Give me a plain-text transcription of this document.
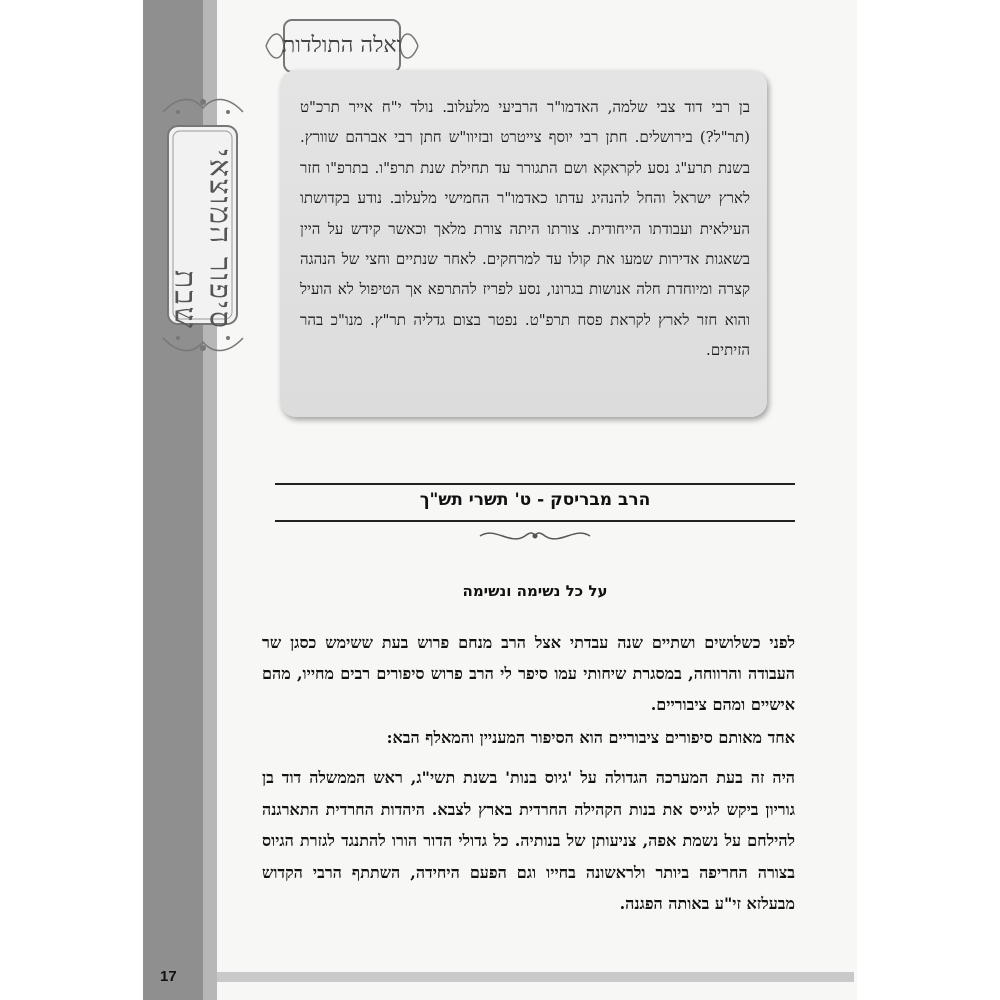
סיפור המוצאי שבת
ואלה התולדות
בן רבי דוד צבי שלמה, האדמו"ר הרביעי מלעלוב. נולד י"ח אייר תרכ"ט (תר"ל?) בירושלים. חתן רבי יוסף צייטרט ובזיוו"ש חתן רבי אברהם שוורץ. בשנת תרע"ג נסע לקראקא ושם התגורר עד תחילת שנת תרפ"ו. בתרפ"ו חזר לארץ ישראל והחל להנהיג עדתו כאדמו"ר החמישי מלעלוב. נודע בקדושתו העילאית ועבודתו הייחודית. צורתו היתה צורת מלאך וכאשר קידש על היין בשאגות אדירות שמעו את קולו עד למרחקים. לאחר שנתיים וחצי של הנהגה קצרה ומיוחדת חלה אנושות בגרונו, נסע לפריז להתרפא אך הטיפול לא הועיל והוא חזר לארץ לקראת פסח תרפ"ט. נפטר בצום גדליה תר"ץ. מנו"כ בהר הזיתים.
הרב מבריסק - ט' תשרי תש"ך
על כל נשימה ונשימה
לפני כשלושים ושתיים שנה עבדתי אצל הרב מנחם פרוש בעת ששימש כסגן שר העבודה והרווחה, במסגרת שיחותי עמו סיפר לי הרב פרוש סיפורים רבים מחייו, מהם אישיים ומהם ציבוריים.
אחד מאותם סיפורים ציבוריים הוא הסיפור המעניין והמאלף הבא:
היה זה בעת המערכה הגדולה על 'גיוס בנות' בשנת תשי"ג, ראש הממשלה דוד בן גוריון ביקש לגייס את בנות הקהילה החרדית בארץ לצבא. היהדות החרדית התארגנה להילחם על נשמת אפה, צניעותן של בנותיה. כל גדולי הדור הורו להתנגד לגזרת הגיוס בצורה החריפה ביותר ולראשונה בחייו וגם הפעם היחידה, השתתף הרבי הקדוש מבעלזא זי"ע באותה הפגנה.
17
